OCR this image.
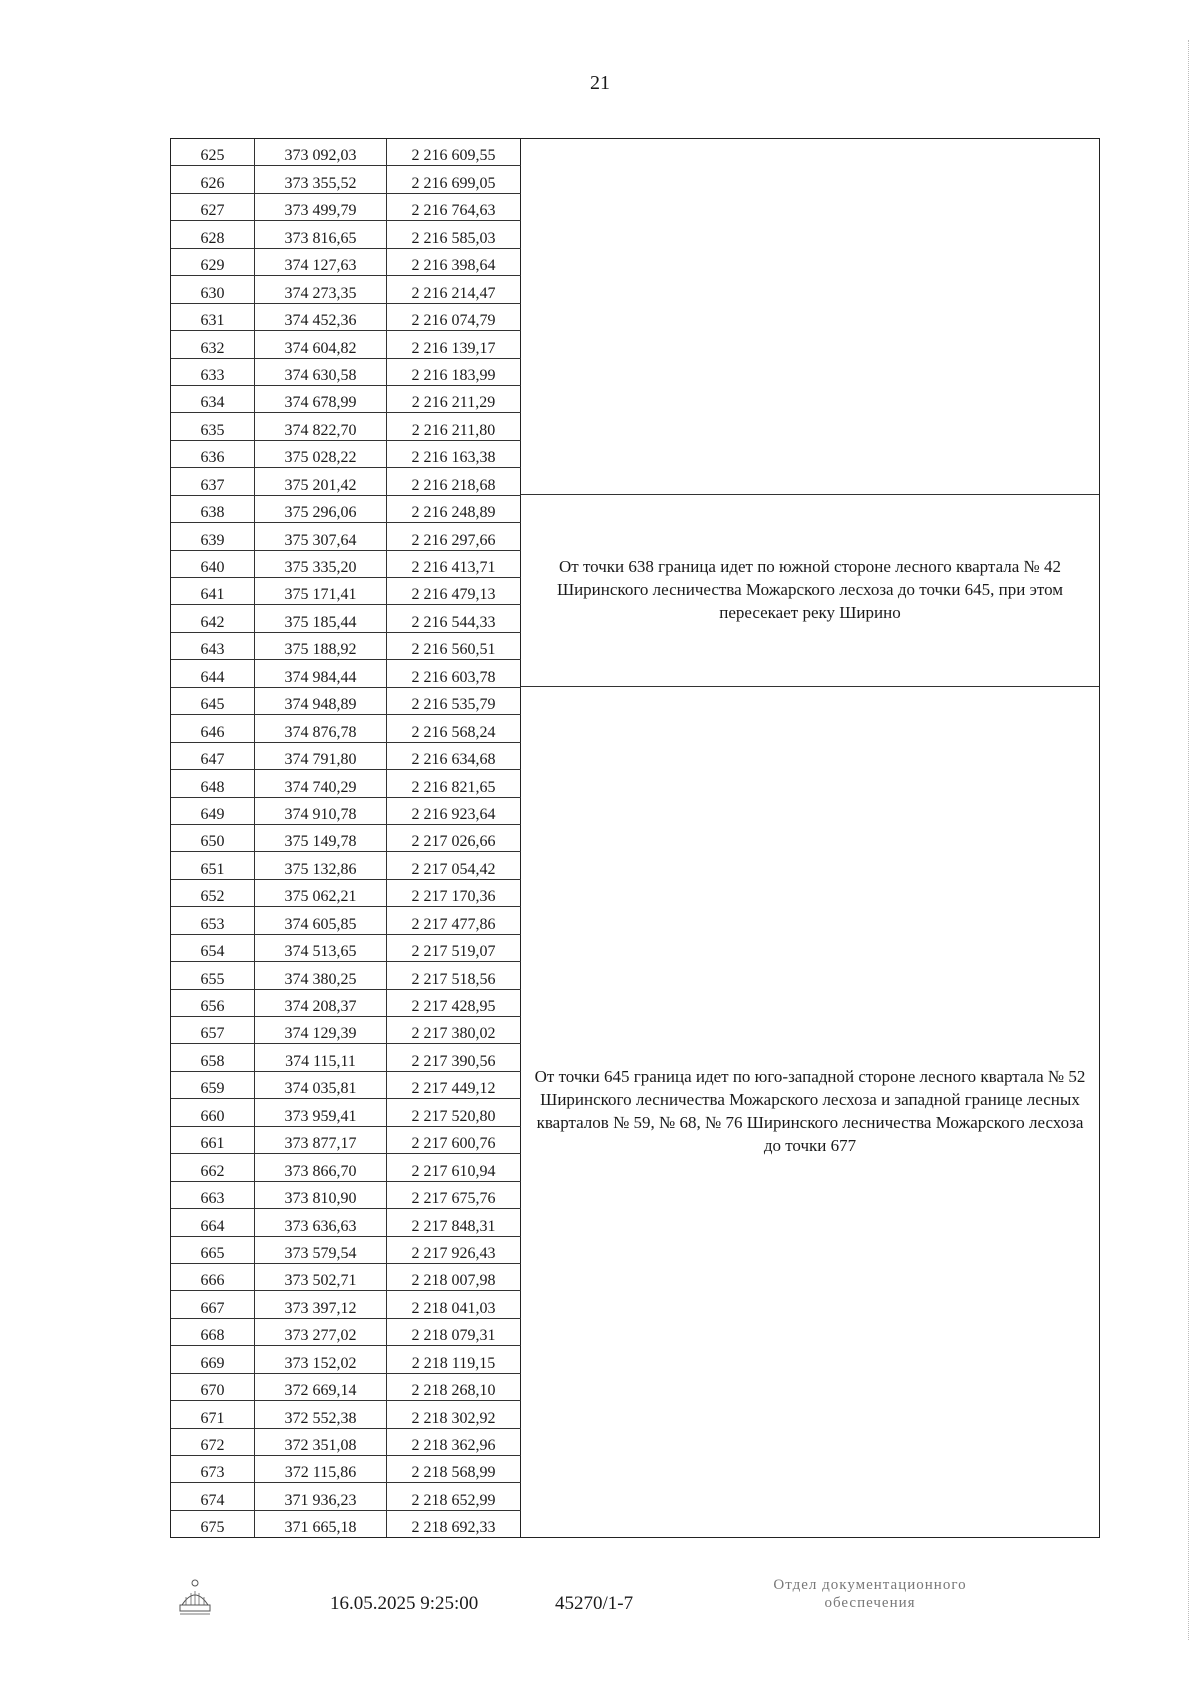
21
625	373 092,03	2 216 609,55
626	373 355,52	2 216 699,05
627	373 499,79	2 216 764,63
628	373 816,65	2 216 585,03
629	374 127,63	2 216 398,64
630	374 273,35	2 216 214,47
631	374 452,36	2 216 074,79
632	374 604,82	2 216 139,17
633	374 630,58	2 216 183,99
634	374 678,99	2 216 211,29
635	374 822,70	2 216 211,80
636	375 028,22	2 216 163,38
637	375 201,42	2 216 218,68
638	375 296,06	2 216 248,89
639	375 307,64	2 216 297,66
640	375 335,20	2 216 413,71
641	375 171,41	2 216 479,13
642	375 185,44	2 216 544,33
643	375 188,92	2 216 560,51
644	374 984,44	2 216 603,78
645	374 948,89	2 216 535,79
646	374 876,78	2 216 568,24
647	374 791,80	2 216 634,68
648	374 740,29	2 216 821,65
649	374 910,78	2 216 923,64
650	375 149,78	2 217 026,66
651	375 132,86	2 217 054,42
652	375 062,21	2 217 170,36
653	374 605,85	2 217 477,86
654	374 513,65	2 217 519,07
655	374 380,25	2 217 518,56
656	374 208,37	2 217 428,95
657	374 129,39	2 217 380,02
658	374 115,11	2 217 390,56
659	374 035,81	2 217 449,12
660	373 959,41	2 217 520,80
661	373 877,17	2 217 600,76
662	373 866,70	2 217 610,94
663	373 810,90	2 217 675,76
664	373 636,63	2 217 848,31
665	373 579,54	2 217 926,43
666	373 502,71	2 218 007,98
667	373 397,12	2 218 041,03
668	373 277,02	2 218 079,31
669	373 152,02	2 218 119,15
670	372 669,14	2 218 268,10
671	372 552,38	2 218 302,92
672	372 351,08	2 218 362,96
673	372 115,86	2 218 568,99
674	371 936,23	2 218 652,99
675	371 665,18	2 218 692,33
От точки 638 граница идет по южной стороне лесного квартала № 42 Ширинского лесничества Можарского лесхоза до точки 645, при этом пересекает реку Ширино
От точки 645 граница идет по юго-западной стороне лесного квартала № 52 Ширинского лесничества Можарского лесхоза и западной границе лесных кварталов № 59, № 68, № 76 Ширинского лесничества Можарского лесхоза до точки 677
16.05.2025 9:25:00	45270/1-7
Отдел документационного обеспечения
